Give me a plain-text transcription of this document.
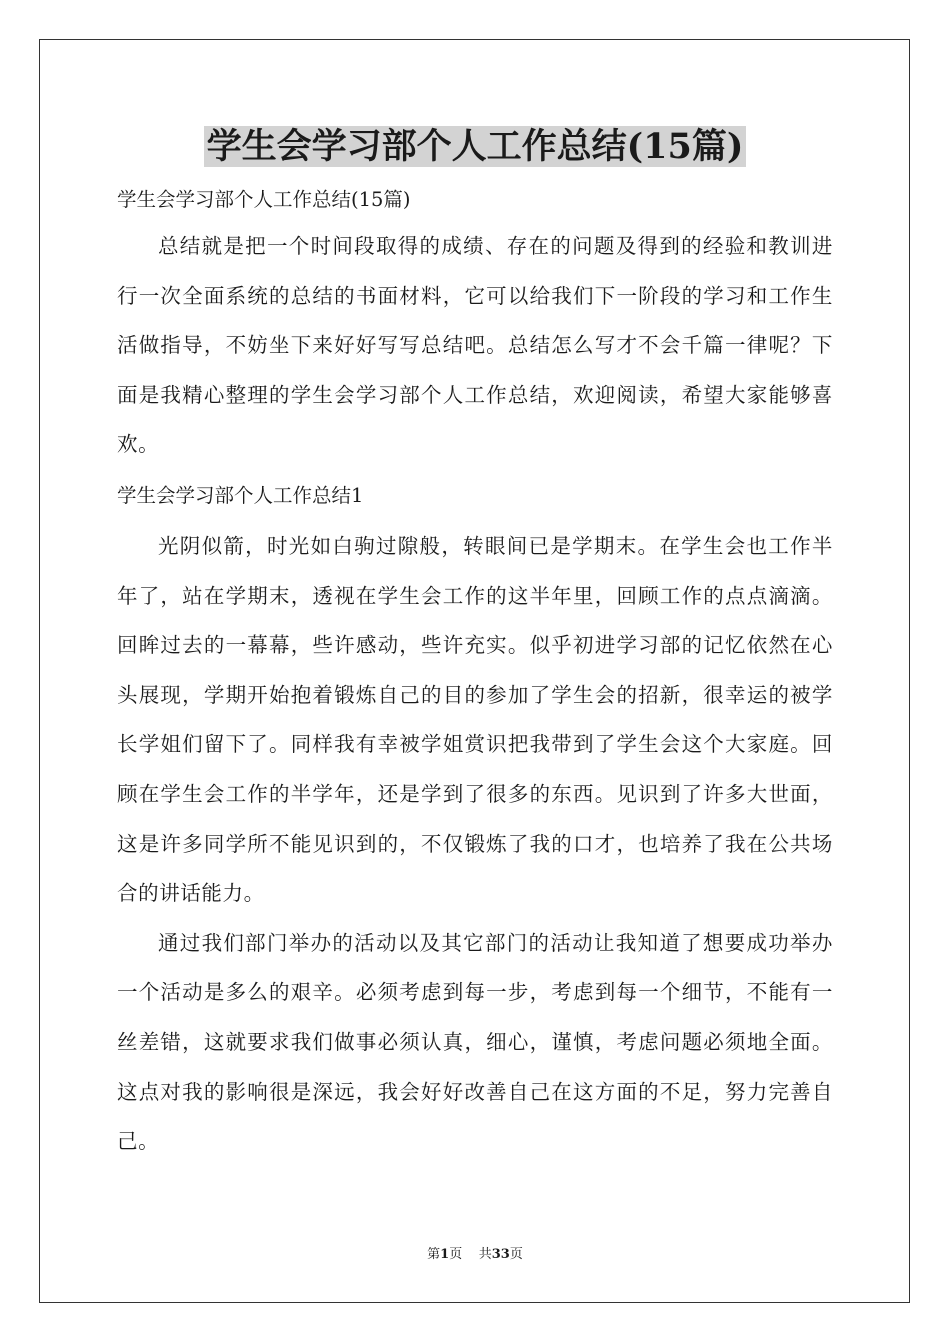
学生会学习部个人工作总结(15篇)

学生会学习部个人工作总结(15篇)

总结就是把一个时间段取得的成绩、存在的问题及得到的经验和教训进行一次全面系统的总结的书面材料，它可以给我们下一阶段的学习和工作生活做指导，不妨坐下来好好写写总结吧。总结怎么写才不会千篇一律呢？下面是我精心整理的学生会学习部个人工作总结，欢迎阅读，希望大家能够喜欢。

学生会学习部个人工作总结1

光阴似箭，时光如白驹过隙般，转眼间已是学期末。在学生会也工作半年了，站在学期末，透视在学生会工作的这半年里，回顾工作的点点滴滴。回眸过去的一幕幕，些许感动，些许充实。似乎初进学习部的记忆依然在心头展现，学期开始抱着锻炼自己的目的参加了学生会的招新，很幸运的被学长学姐们留下了。同样我有幸被学姐赏识把我带到了学生会这个大家庭。回顾在学生会工作的半学年，还是学到了很多的东西。见识到了许多大世面，这是许多同学所不能见识到的，不仅锻炼了我的口才，也培养了我在公共场合的讲话能力。

通过我们部门举办的活动以及其它部门的活动让我知道了想要成功举办一个活动是多么的艰辛。必须考虑到每一步，考虑到每一个细节，不能有一丝差错，这就要求我们做事必须认真，细心，谨慎，考虑问题必须地全面。这点对我的影响很是深远，我会好好改善自己在这方面的不足，努力完善自己。

第1页 共33页
